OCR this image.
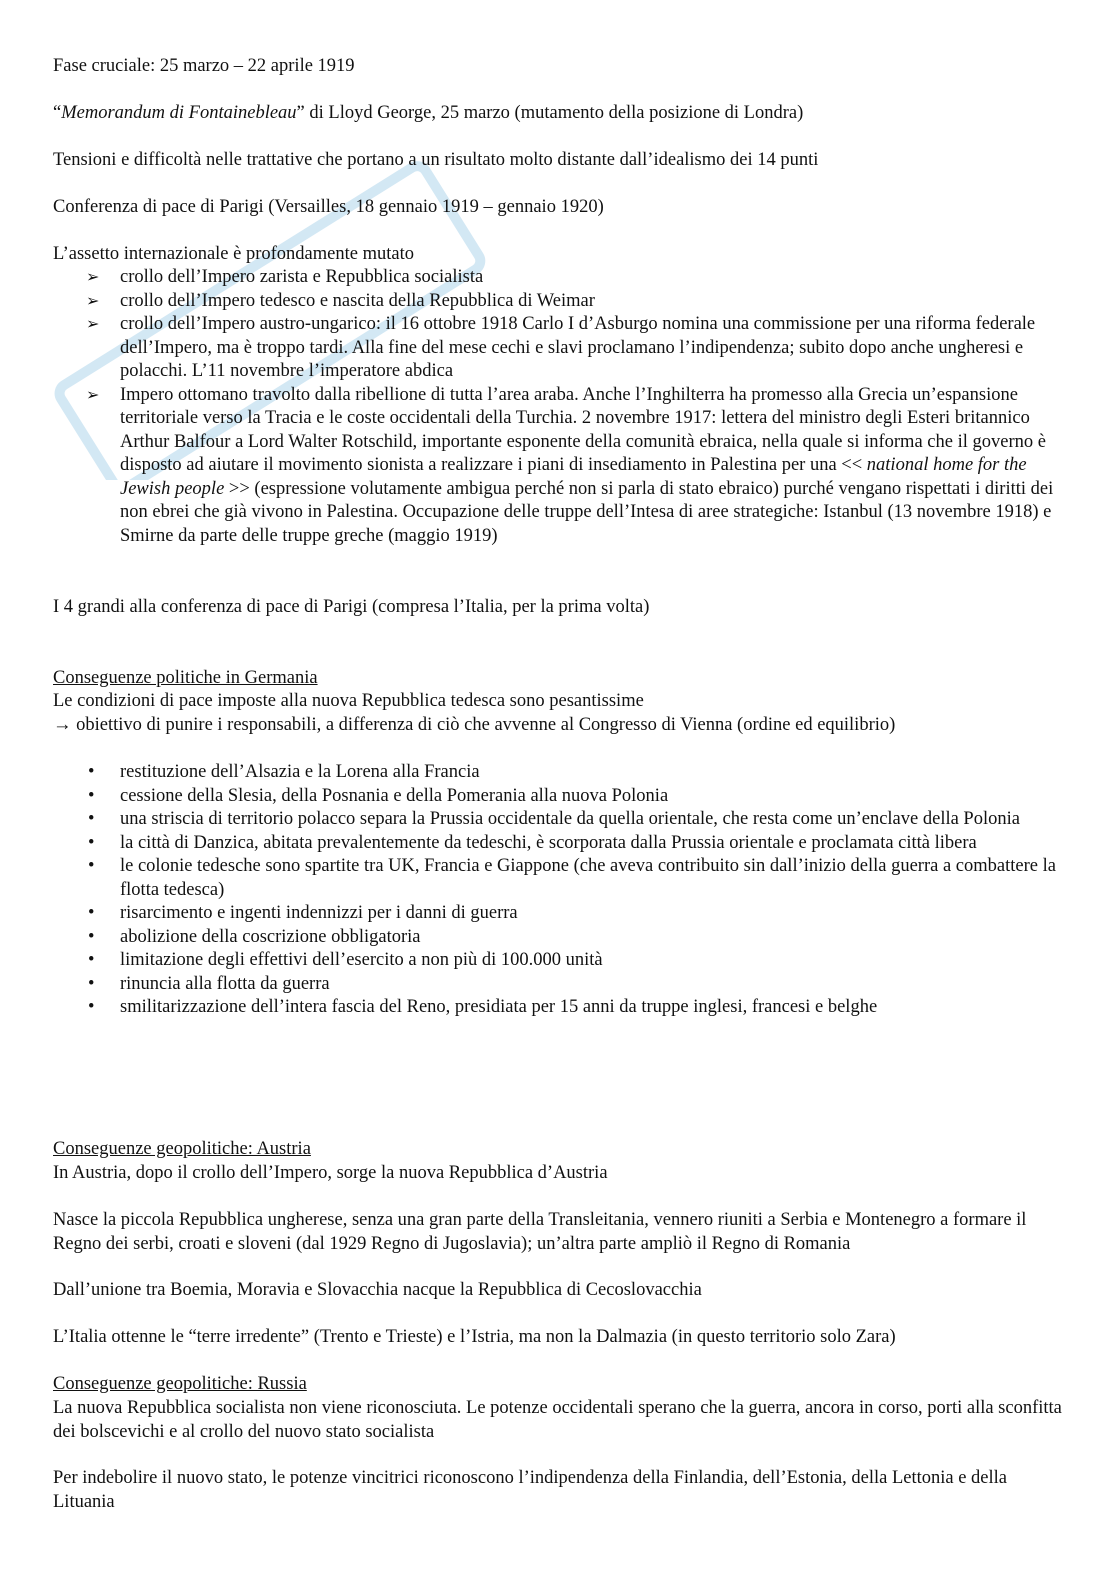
Fase cruciale: 25 marzo – 22 aprile 1919

“Memorandum di Fontainebleau” di Lloyd George, 25 marzo (mutamento della posizione di Londra)

Tensioni e difficoltà nelle trattative che portano a un risultato molto distante dall’idealismo dei 14 punti

Conferenza di pace di Parigi (Versailles, 18 gennaio 1919 – gennaio 1920)

L’assetto internazionale è profondamente mutato

➢ crollo dell’Impero zarista e Repubblica socialista
➢ crollo dell’Impero tedesco e nascita della Repubblica di Weimar
➢ crollo dell’Impero austro-ungarico: il 16 ottobre 1918 Carlo I d’Asburgo nomina una commissione per una riforma federale dell’Impero, ma è troppo tardi. Alla fine del mese cechi e slavi proclamano l’indipendenza; subito dopo anche ungheresi e polacchi. L’11 novembre l’imperatore abdica
➢ Impero ottomano travolto dalla ribellione di tutta l’area araba. Anche l’Inghilterra ha promesso alla Grecia un’espansione territoriale verso la Tracia e le coste occidentali della Turchia. 2 novembre 1917: lettera del ministro degli Esteri britannico Arthur Balfour a Lord Walter Rotschild, importante esponente della comunità ebraica, nella quale si informa che il governo è disposto ad aiutare il movimento sionista a realizzare i piani di insediamento in Palestina per una << national home for the Jewish people >> (espressione volutamente ambigua perché non si parla di stato ebraico) purché vengano rispettati i diritti dei non ebrei che già vivono in Palestina. Occupazione delle truppe dell’Intesa di aree strategiche: Istanbul (13 novembre 1918) e Smirne da parte delle truppe greche (maggio 1919)

I 4 grandi alla conferenza di pace di Parigi (compresa l’Italia, per la prima volta)

Conseguenze politiche in Germania

Le condizioni di pace imposte alla nuova Repubblica tedesca sono pesantissime

→ obiettivo di punire i responsabili, a differenza di ciò che avvenne al Congresso di Vienna (ordine ed equilibrio)

• restituzione dell’Alsazia e la Lorena alla Francia
• cessione della Slesia, della Posnania e della Pomerania alla nuova Polonia
• una striscia di territorio polacco separa la Prussia occidentale da quella orientale, che resta come un’enclave della Polonia
• la città di Danzica, abitata prevalentemente da tedeschi, è scorporata dalla Prussia orientale e proclamata città libera
• le colonie tedesche sono spartite tra UK, Francia e Giappone (che aveva contribuito sin dall’inizio della guerra a combattere la flotta tedesca)
• risarcimento e ingenti indennizzi per i danni di guerra
• abolizione della coscrizione obbligatoria
• limitazione degli effettivi dell’esercito a non più di 100.000 unità
• rinuncia alla flotta da guerra
• smilitarizzazione dell’intera fascia del Reno, presidiata per 15 anni da truppe inglesi, francesi e belghe

Conseguenze geopolitiche: Austria

In Austria, dopo il crollo dell’Impero, sorge la nuova Repubblica d’Austria

Nasce la piccola Repubblica ungherese, senza una gran parte della Transleitania, vennero riuniti a Serbia e Montenegro a formare il Regno dei serbi, croati e sloveni (dal 1929 Regno di Jugoslavia); un’altra parte ampliò il Regno di Romania

Dall’unione tra Boemia, Moravia e Slovacchia nacque la Repubblica di Cecoslovacchia

L’Italia ottenne le “terre irredente” (Trento e Trieste) e l’Istria, ma non la Dalmazia (in questo territorio solo Zara)

Conseguenze geopolitiche: Russia

La nuova Repubblica socialista non viene riconosciuta. Le potenze occidentali sperano che la guerra, ancora in corso, porti alla sconfitta dei bolscevichi e al crollo del nuovo stato socialista

Per indebolire il nuovo stato, le potenze vincitrici riconoscono l’indipendenza della Finlandia, dell’Estonia, della Lettonia e della Lituania
